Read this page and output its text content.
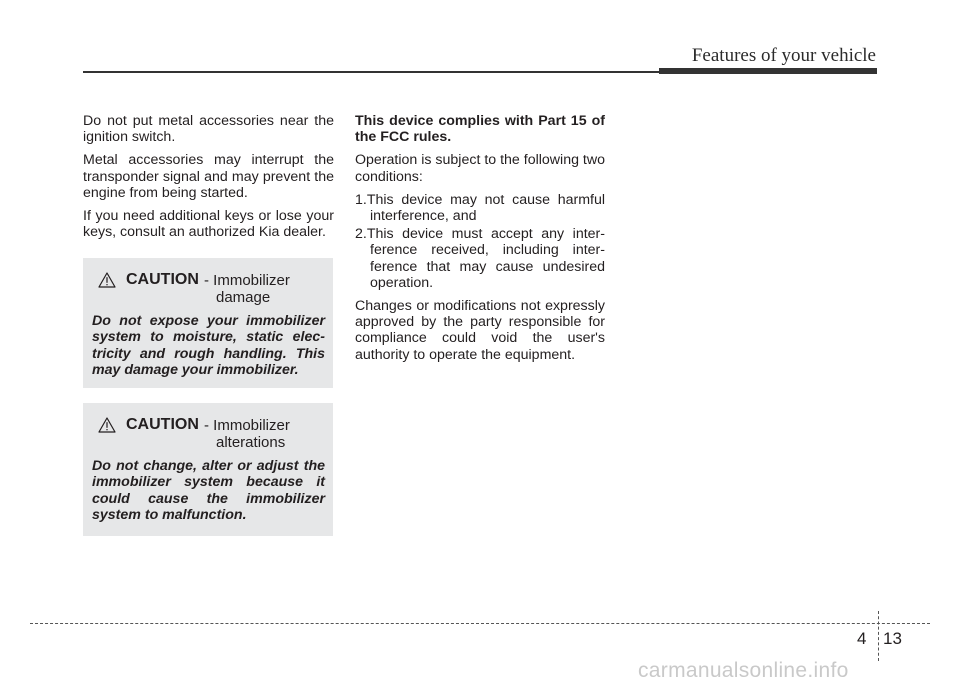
Features of your vehicle

Do not put metal accessories near the ignition switch.

Metal accessories may interrupt the transponder signal and may prevent the engine from being started.

If you need additional keys or lose your keys, consult an authorized Kia dealer.

CAUTION - Immobilizer
damage

Do not expose your immobilizer system to moisture, static elec-tricity and rough handling. This may damage your immobilizer.

CAUTION - Immobilizer
alterations

Do not change, alter or adjust the immobilizer system because it could cause the immobilizer system to malfunction.

This device complies with Part 15 of the FCC rules.

Operation is subject to the following two conditions:

1.This device may not cause harmful interference, and

2.This device must accept any inter-ference received, including inter-ference that may cause undesired operation.

Changes or modifications not expressly approved by the party responsible for compliance could void the user's authority to operate the equipment.

4 13
carmanualsonline.info
